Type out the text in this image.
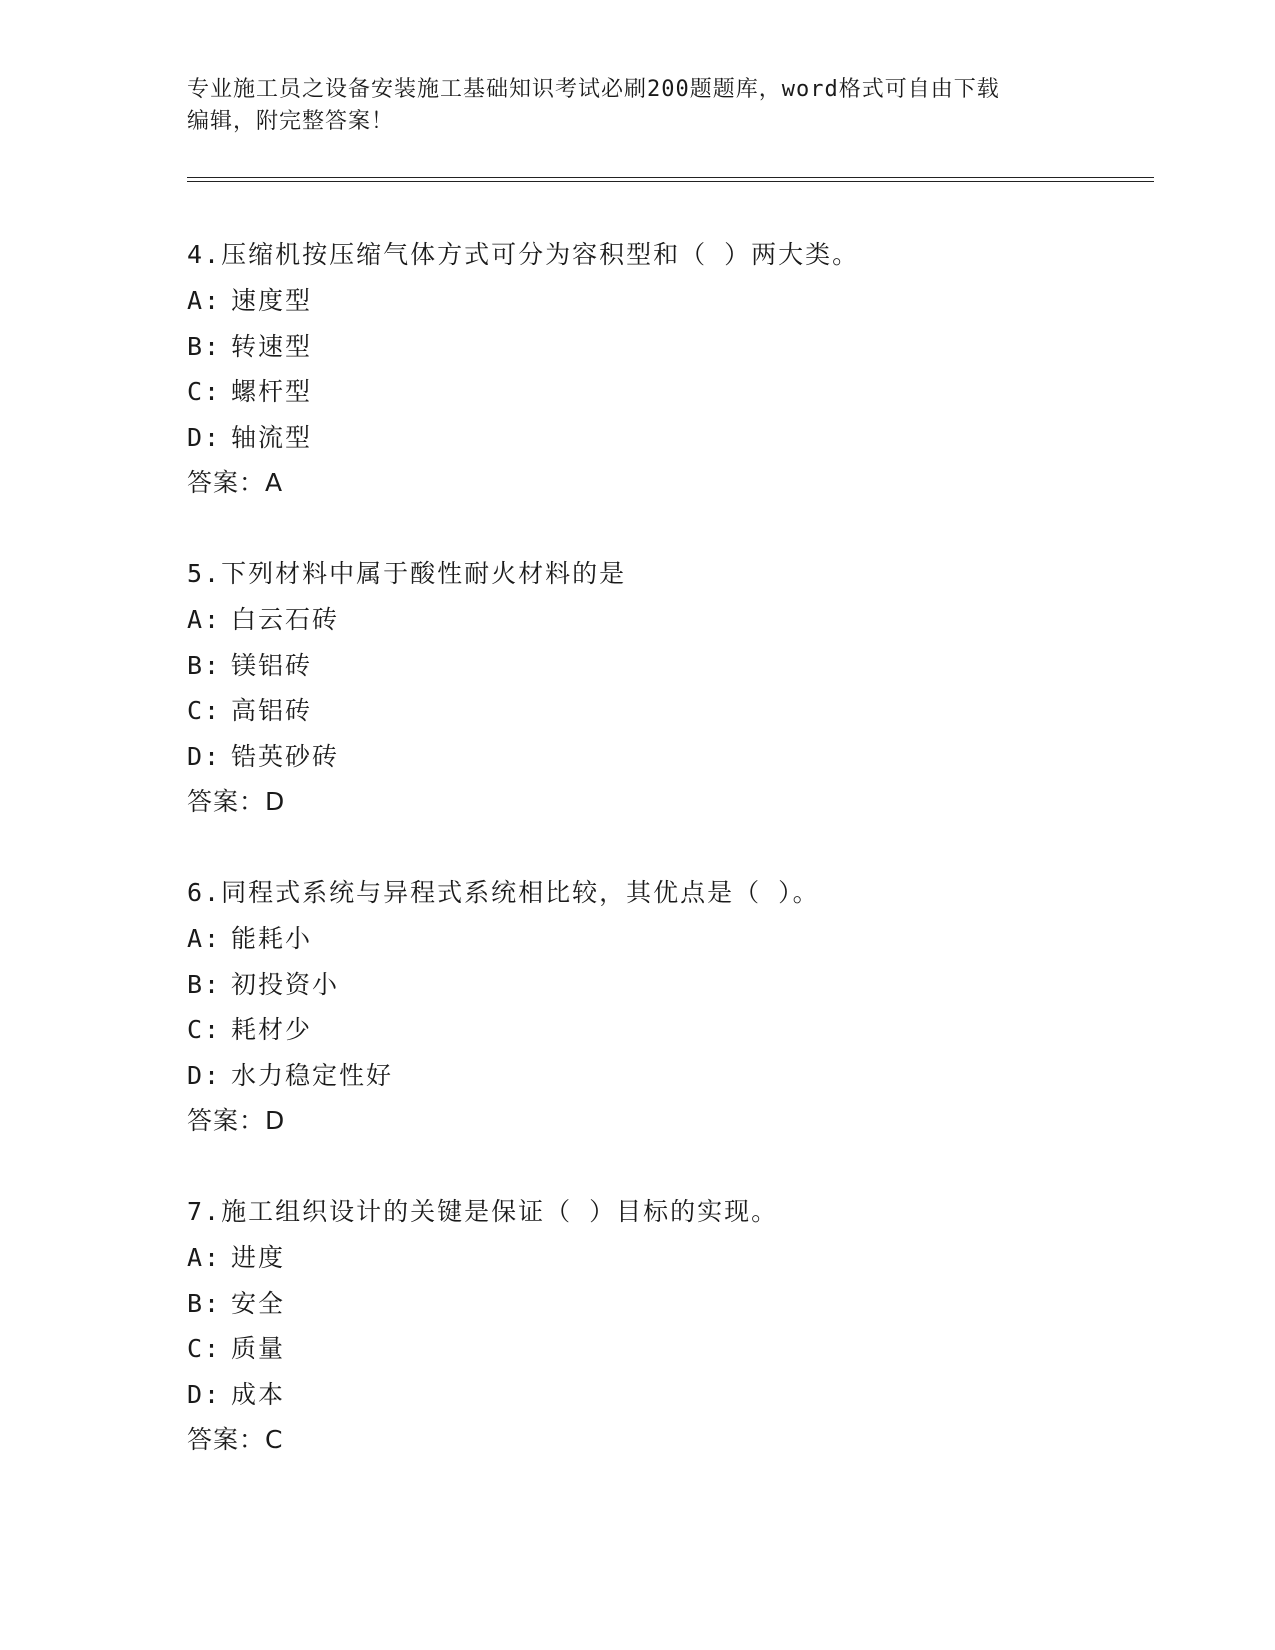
专业施工员之设备安装施工基础知识考试必刷200题题库，word格式可自由下载
编辑，附完整答案！
4.压缩机按压缩气体方式可分为容积型和（ ）两大类。
A: 速度型
B: 转速型
C: 螺杆型
D: 轴流型
答案：A
5.下列材料中属于酸性耐火材料的是
A: 白云石砖
B: 镁铝砖
C: 高铝砖
D: 锆英砂砖
答案：D
6.同程式系统与异程式系统相比较，其优点是（ ）。
A: 能耗小
B: 初投资小
C: 耗材少
D: 水力稳定性好
答案：D
7.施工组织设计的关键是保证（ ）目标的实现。
A: 进度
B: 安全
C: 质量
D: 成本
答案：C
